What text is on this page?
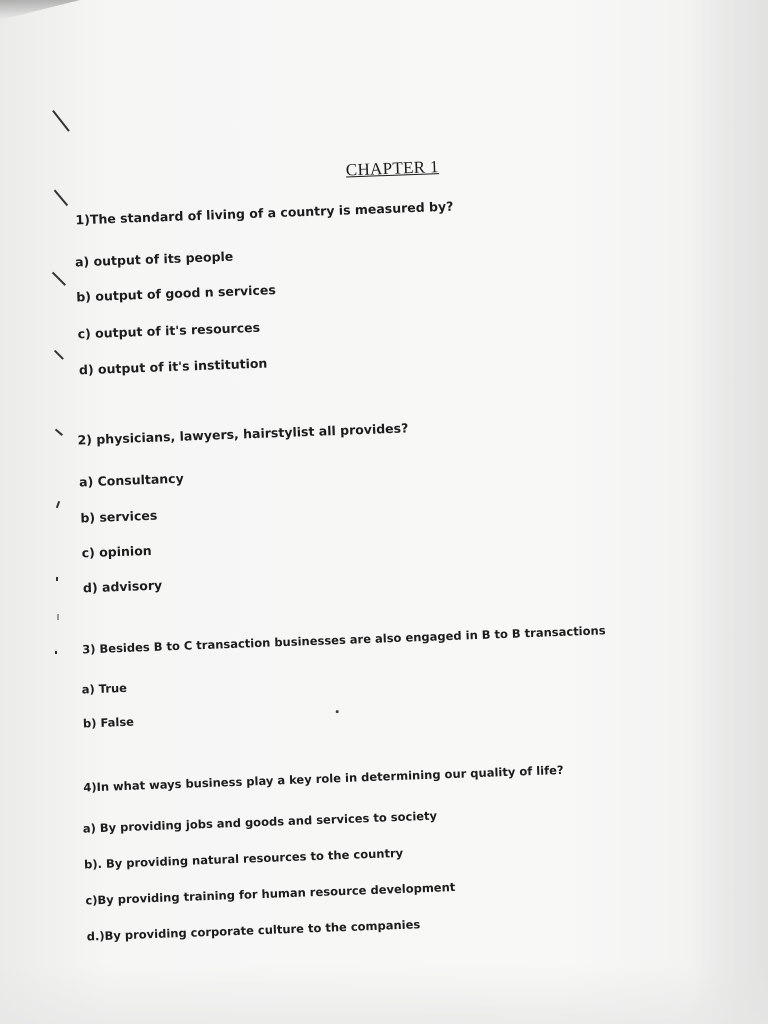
CHAPTER 1
1)The standard of living of a country is measured by?
a) output of its people
b) output of good n services
c) output of it's resources
d) output of it's institution
2) physicians, lawyers, hairstylist all provides?
a) Consultancy
b) services
c) opinion
d) advisory
3) Besides B to C transaction businesses are also engaged in B to B transactions
a) True
b) False
4)In what ways business play a key role in determining our quality of life?
a) By providing jobs and goods and services to society
b). By providing natural resources to the country
c)By providing training for human resource development
d.)By providing corporate culture to the companies
